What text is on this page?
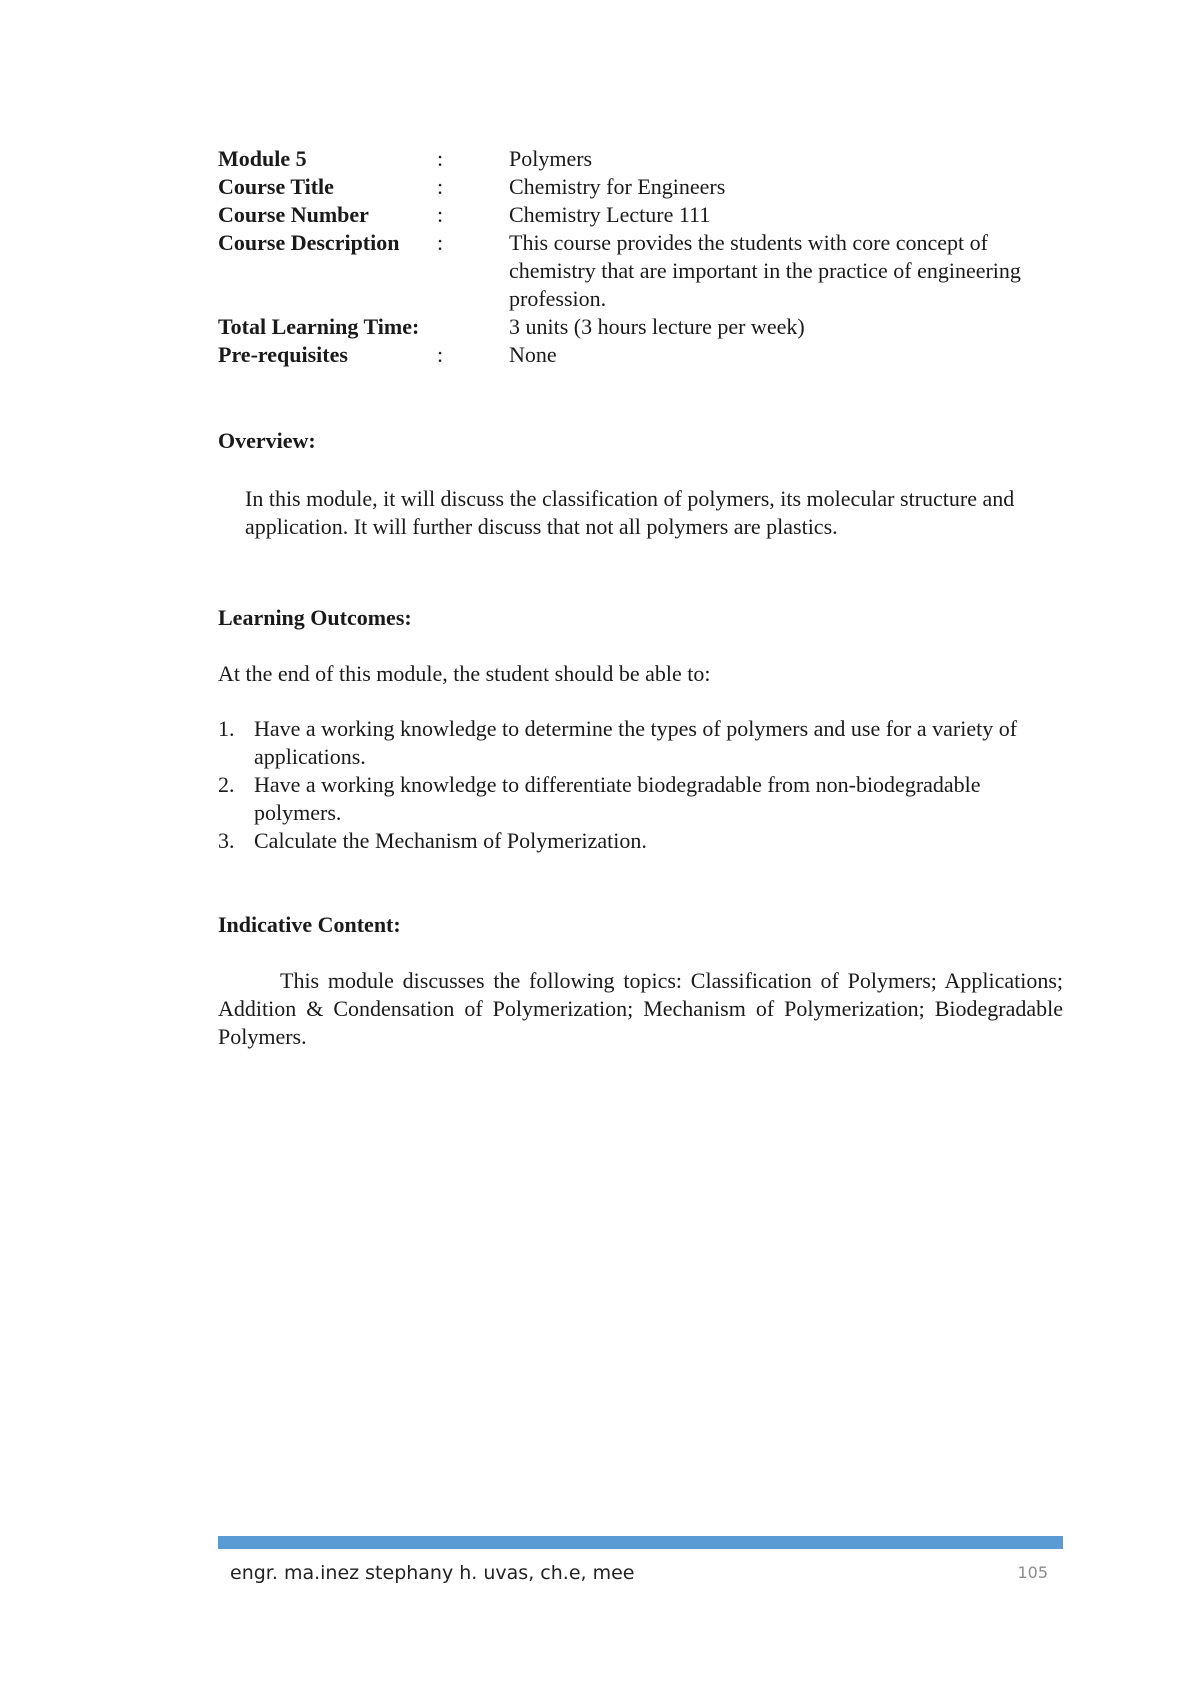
Module 5	:	Polymers
Course Title	:	Chemistry for Engineers
Course Number	:	Chemistry Lecture 111
Course Description	:	This course provides the students with core concept of chemistry that are important in the practice of engineering profession.
Total Learning Time:	3 units (3 hours lecture per week)
Pre-requisites	:	None
Overview:
In this module, it will discuss the classification of polymers, its molecular structure and application. It will further discuss that not all polymers are plastics.
Learning Outcomes:
At the end of this module, the student should be able to:
1. Have a working knowledge to determine the types of polymers and use for a variety of applications.
2. Have a working knowledge to differentiate biodegradable from non-biodegradable polymers.
3. Calculate the Mechanism of Polymerization.
Indicative Content:
This module discusses the following topics: Classification of Polymers; Applications; Addition & Condensation of Polymerization; Mechanism of Polymerization; Biodegradable Polymers.
engr. ma.inez stephany h. uvas, ch.e, mee	105
